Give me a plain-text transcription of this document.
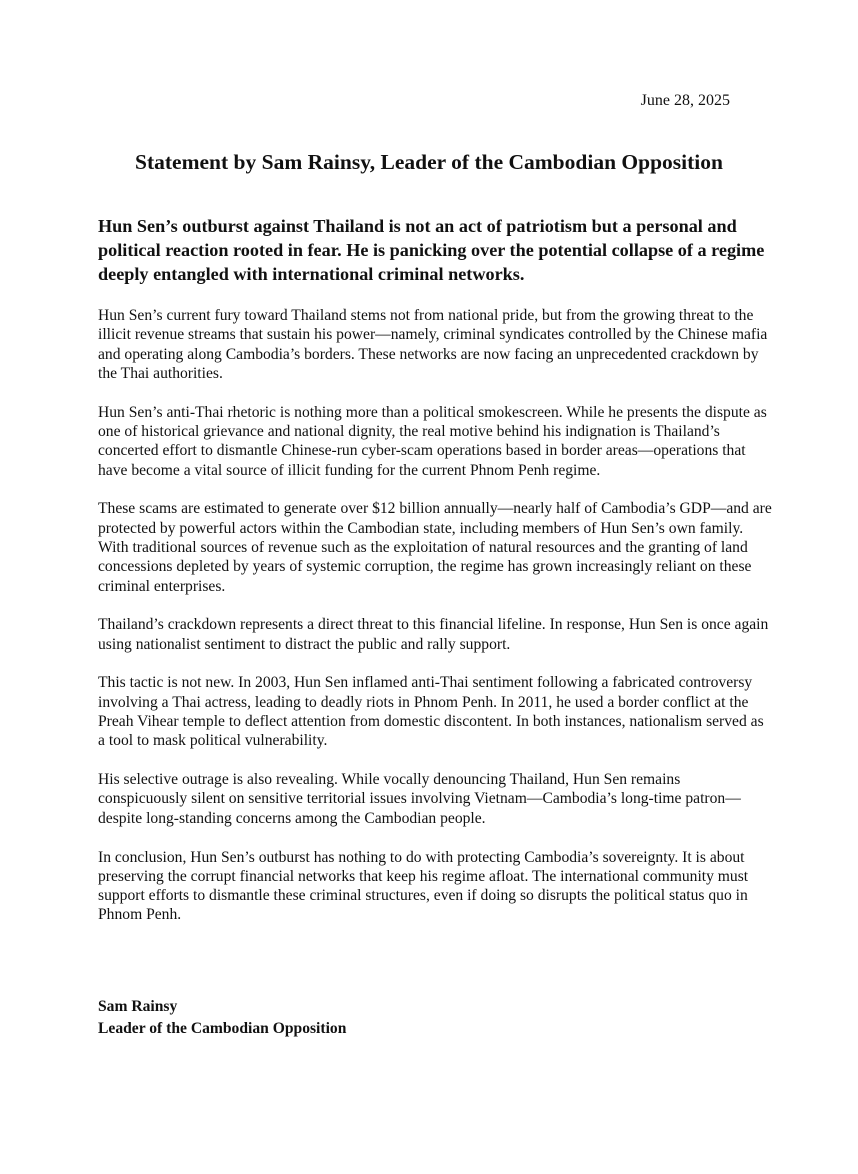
June 28, 2025
Statement by Sam Rainsy, Leader of the Cambodian Opposition

Hun Sen’s outburst against Thailand is not an act of patriotism but a personal and political reaction rooted in fear. He is panicking over the potential collapse of a regime deeply entangled with international criminal networks.

Hun Sen’s current fury toward Thailand stems not from national pride, but from the growing threat to the illicit revenue streams that sustain his power—namely, criminal syndicates controlled by the Chinese mafia and operating along Cambodia’s borders. These networks are now facing an unprecedented crackdown by the Thai authorities.

Hun Sen’s anti-Thai rhetoric is nothing more than a political smokescreen. While he presents the dispute as one of historical grievance and national dignity, the real motive behind his indignation is Thailand’s concerted effort to dismantle Chinese-run cyber-scam operations based in border areas—operations that have become a vital source of illicit funding for the current Phnom Penh regime.

These scams are estimated to generate over $12 billion annually—nearly half of Cambodia’s GDP—and are protected by powerful actors within the Cambodian state, including members of Hun Sen’s own family. With traditional sources of revenue such as the exploitation of natural resources and the granting of land concessions depleted by years of systemic corruption, the regime has grown increasingly reliant on these criminal enterprises.

Thailand’s crackdown represents a direct threat to this financial lifeline. In response, Hun Sen is once again using nationalist sentiment to distract the public and rally support.

This tactic is not new. In 2003, Hun Sen inflamed anti-Thai sentiment following a fabricated controversy involving a Thai actress, leading to deadly riots in Phnom Penh. In 2011, he used a border conflict at the Preah Vihear temple to deflect attention from domestic discontent. In both instances, nationalism served as a tool to mask political vulnerability.

His selective outrage is also revealing. While vocally denouncing Thailand, Hun Sen remains conspicuously silent on sensitive territorial issues involving Vietnam—Cambodia’s long-time patron—despite long-standing concerns among the Cambodian people.

In conclusion, Hun Sen’s outburst has nothing to do with protecting Cambodia’s sovereignty. It is about preserving the corrupt financial networks that keep his regime afloat. The international community must support efforts to dismantle these criminal structures, even if doing so disrupts the political status quo in Phnom Penh.

Sam Rainsy
Leader of the Cambodian Opposition
